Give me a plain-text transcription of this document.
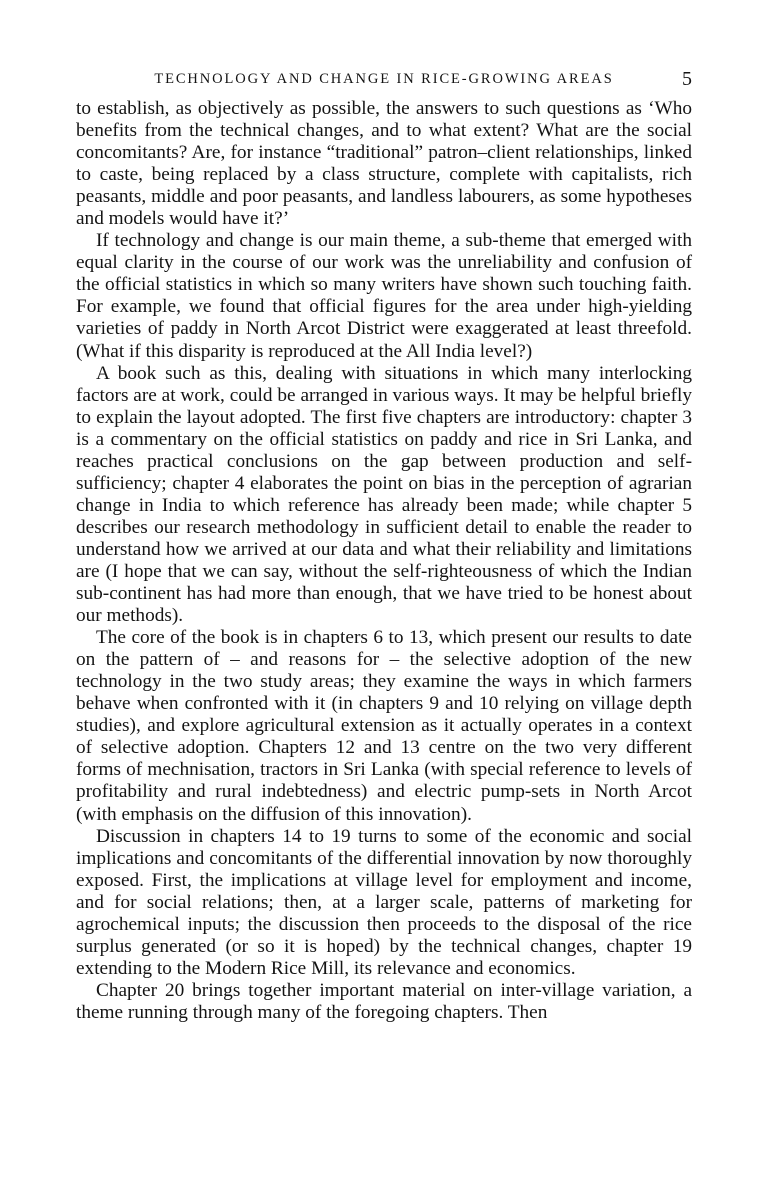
TECHNOLOGY AND CHANGE IN RICE-GROWING AREAS	5

to establish, as objectively as possible, the answers to such questions as ‘Who benefits from the technical changes, and to what extent? What are the social concomitants? Are, for instance “traditional” patron–client relationships, linked to caste, being replaced by a class structure, complete with capitalists, rich peasants, middle and poor peasants, and landless labourers, as some hypotheses and models would have it?’

If technology and change is our main theme, a sub-theme that emerged with equal clarity in the course of our work was the unreliability and confusion of the official statistics in which so many writers have shown such touching faith. For example, we found that official figures for the area under high-yielding varieties of paddy in North Arcot District were exaggerated at least threefold. (What if this disparity is reproduced at the All India level?)

A book such as this, dealing with situations in which many interlocking factors are at work, could be arranged in various ways. It may be helpful briefly to explain the layout adopted. The first five chapters are introductory: chapter 3 is a commentary on the official statistics on paddy and rice in Sri Lanka, and reaches practical conclusions on the gap between production and self-sufficiency; chapter 4 elaborates the point on bias in the perception of agrarian change in India to which reference has already been made; while chapter 5 describes our research methodology in sufficient detail to enable the reader to understand how we arrived at our data and what their reliability and limitations are (I hope that we can say, without the self-righteousness of which the Indian sub-continent has had more than enough, that we have tried to be honest about our methods).

The core of the book is in chapters 6 to 13, which present our results to date on the pattern of – and reasons for – the selective adoption of the new technology in the two study areas; they examine the ways in which farmers behave when confronted with it (in chapters 9 and 10 relying on village depth studies), and explore agricultural extension as it actually operates in a context of selective adoption. Chapters 12 and 13 centre on the two very different forms of mechnisation, tractors in Sri Lanka (with special reference to levels of profitability and rural indebtedness) and electric pump-sets in North Arcot (with emphasis on the diffusion of this innovation).

Discussion in chapters 14 to 19 turns to some of the economic and social implications and concomitants of the differential innovation by now thoroughly exposed. First, the implications at village level for employment and income, and for social relations; then, at a larger scale, patterns of marketing for agrochemical inputs; the discussion then proceeds to the disposal of the rice surplus generated (or so it is hoped) by the technical changes, chapter 19 extending to the Modern Rice Mill, its relevance and economics.

Chapter 20 brings together important material on inter-village variation, a theme running through many of the foregoing chapters. Then
